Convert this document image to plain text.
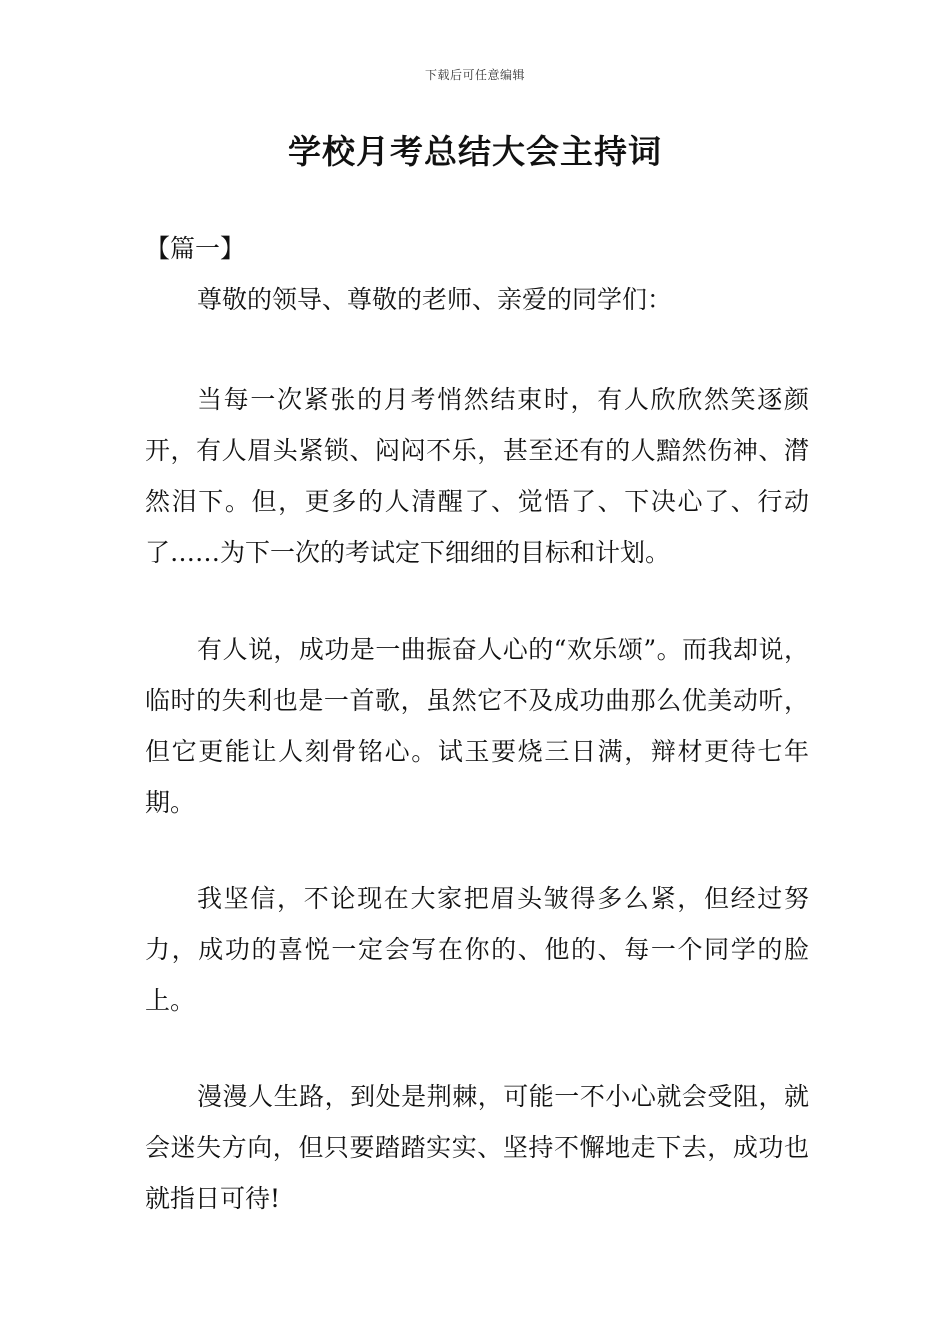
下载后可任意编辑
学校月考总结大会主持词
【篇一】
尊敬的领导、尊敬的老师、亲爱的同学们：
当每一次紧张的月考悄然结束时，有人欣欣然笑逐颜开，有人眉头紧锁、闷闷不乐，甚至还有的人黯然伤神、潸然泪下。但，更多的人清醒了、觉悟了、下决心了、行动了……为下一次的考试定下细细的目标和计划。
有人说，成功是一曲振奋人心的“欢乐颂”。而我却说，临时的失利也是一首歌，虽然它不及成功曲那么优美动听，但它更能让人刻骨铭心。试玉要烧三日满，辩材更待七年期。
我坚信，不论现在大家把眉头皱得多么紧，但经过努力，成功的喜悦一定会写在你的、他的、每一个同学的脸上。
漫漫人生路，到处是荆棘，可能一不小心就会受阻，就会迷失方向，但只要踏踏实实、坚持不懈地走下去，成功也就指日可待!
